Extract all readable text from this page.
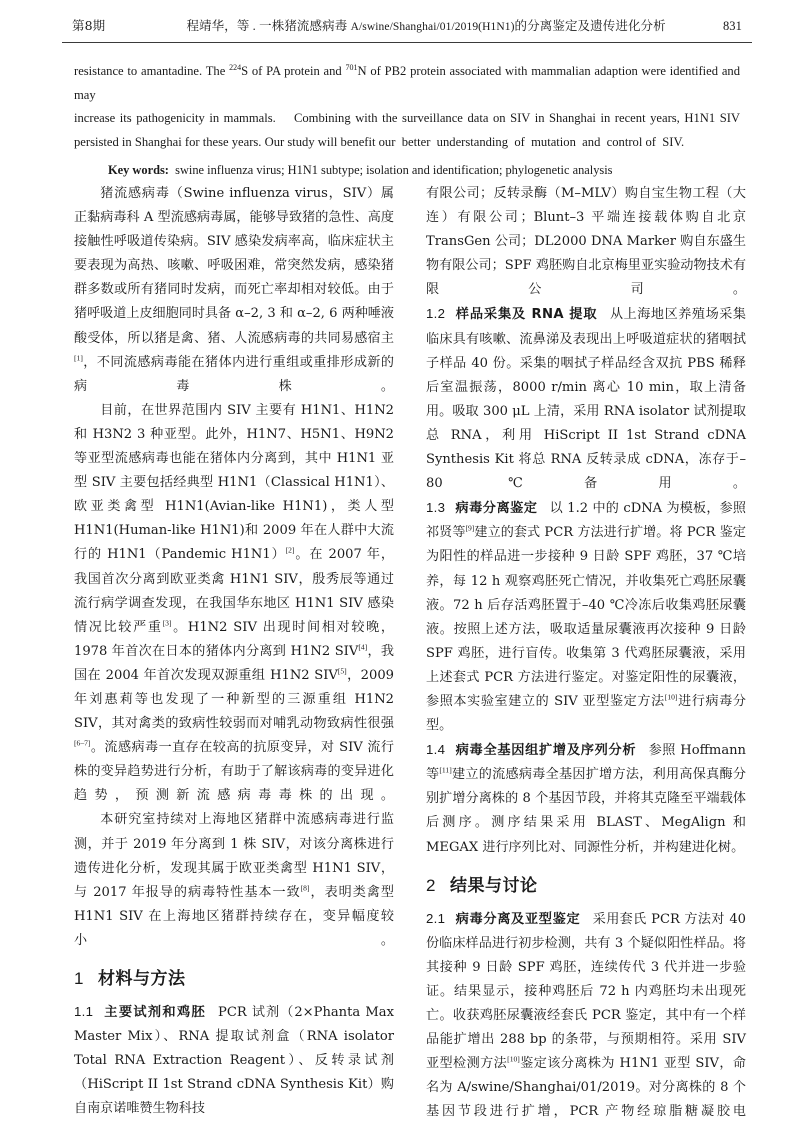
第8期	程靖华，等 . 一株猪流感病毒 A/swine/Shanghai/01/2019(H1N1)的分离鉴定及遗传进化分析	831
resistance to amantadine. The $^{224}$S of PA protein and $^{701}$N of PB2 protein associated with mammalian adaption were identified and may
increase its pathogenicity in mammals.    Combining with the surveillance data on SIV in Shanghai in recent years, H1N1 SIV
persisted in Shanghai for these years. Our study will benefit our  better  understanding  of  mutation  and  control of  SIV.
Key words: swine influenza virus; H1N1 subtype; isolation and identification; phylogenetic analysis

猪流感病毒（Swine influenza virus，SIV）属正黏病毒科 A 型流感病毒属，能够导致猪的急性、高度接触性呼吸道传染病。SIV 感染发病率高，临床症状主要表现为高热、咳嗽、呼吸困难，常突然发病，感染猪群多数或所有猪同时发病，而死亡率却相对较低。由于猪呼吸道上皮细胞同时具备 α–2, 3 和 α–2, 6 两种唾液酸受体，所以猪是禽、猪、人流感病毒的共同易感宿主[1]，不同流感病毒能在猪体内进行重组或重排形成新的病毒株。

目前，在世界范围内 SIV 主要有 H1N1、H1N2 和 H3N2 3 种亚型。此外，H1N7、H5N1、H9N2 等亚型流感病毒也能在猪体内分离到，其中 H1N1 亚型 SIV 主要包括经典型 H1N1（Classical H1N1）、欧亚类禽型 H1N1(Avian-like H1N1)，类人型 H1N1(Human-like H1N1)和 2009 年在人群中大流行的 H1N1（Pandemic H1N1）[2]。在 2007 年，我国首次分离到欧亚类禽 H1N1 SIV，殷秀辰等通过流行病学调查发现，在我国华东地区 H1N1 SIV 感染情况比较严重[3]。H1N2 SIV 出现时间相对较晚，1978 年首次在日本的猪体内分离到 H1N2 SIV[4]，我国在 2004 年首次发现双源重组 H1N2 SIV[5]，2009 年刘惠莉等也发现了一种新型的三源重组 H1N2 SIV，其对禽类的致病性较弱而对哺乳动物致病性很强[6–7]。流感病毒一直存在较高的抗原变异，对 SIV 流行株的变异趋势进行分析，有助于了解该病毒的变异进化趋势，预测新流感病毒毒株的出现。

本研究室持续对上海地区猪群中流感病毒进行监测，并于 2019 年分离到 1 株 SIV，对该分离株进行遗传进化分析，发现其属于欧亚类禽型 H1N1 SIV，与 2017 年报导的病毒特性基本一致[8]，表明类禽型 H1N1 SIV 在上海地区猪群持续存在，变异幅度较小。

1 材料与方法

1.1 主要试剂和鸡胚 PCR 试剂（2×Phanta Max Master Mix）、RNA 提取试剂盒（RNA isolator Total RNA Extraction Reagent）、反转录试剂（HiScript II 1st Strand cDNA Synthesis Kit）购自南京诺唯赞生物科技

有限公司；反转录酶（M–MLV）购自宝生物工程（大连）有限公司；Blunt–3 平端连接载体购自北京 TransGen 公司；DL2000 DNA Marker 购自东盛生物有限公司；SPF 鸡胚购自北京梅里亚实验动物技术有限公司。

1.2 样品采集及 RNA 提取 从上海地区养殖场采集临床具有咳嗽、流鼻涕及表现出上呼吸道症状的猪咽拭子样品 40 份。采集的咽拭子样品经含双抗 PBS 稀释后室温振荡，8000 r/min 离心 10 min，取上清备用。吸取 300 μL 上清，采用 RNA isolator 试剂提取总 RNA，利用 HiScript II 1st Strand cDNA Synthesis Kit 将总 RNA 反转录成 cDNA，冻存于–80 ℃备用。

1.3 病毒分离鉴定 以 1.2 中的 cDNA 为模板，参照祁贤等[9]建立的套式 PCR 方法进行扩增。将 PCR 鉴定为阳性的样品进一步接种 9 日龄 SPF 鸡胚，37 ℃培养，每 12 h 观察鸡胚死亡情况，并收集死亡鸡胚尿囊液。72 h 后存活鸡胚置于–40 ℃冷冻后收集鸡胚尿囊液。按照上述方法，吸取适量尿囊液再次接种 9 日龄 SPF 鸡胚，进行盲传。收集第 3 代鸡胚尿囊液，采用上述套式 PCR 方法进行鉴定。对鉴定阳性的尿囊液，参照本实验室建立的 SIV 亚型鉴定方法[10]进行病毒分型。

1.4 病毒全基因组扩增及序列分析 参照 Hoffmann 等[11]建立的流感病毒全基因扩增方法，利用高保真酶分别扩增分离株的 8 个基因节段，并将其克隆至平端载体后测序。测序结果采用 BLAST、MegAlign 和 MEGAX 进行序列比对、同源性分析，并构建进化树。

2 结果与讨论

2.1 病毒分离及亚型鉴定 采用套氏 PCR 方法对 40 份临床样品进行初步检测，共有 3 个疑似阳性样品。将其接种 9 日龄 SPF 鸡胚，连续传代 3 代并进一步验证。结果显示，接种鸡胚后 72 h 内鸡胚均未出现死亡。收获鸡胚尿囊液经套氏 PCR 鉴定，其中有一个样品能扩增出 288 bp 的条带，与预期相符。采用 SIV 亚型检测方法[10]鉴定该分离株为 H1N1 亚型 SIV，命名为 A/swine/Shanghai/01/2019。对分离株的 8 个基因节段进行扩增，PCR 产物经琼脂糖凝胶电
